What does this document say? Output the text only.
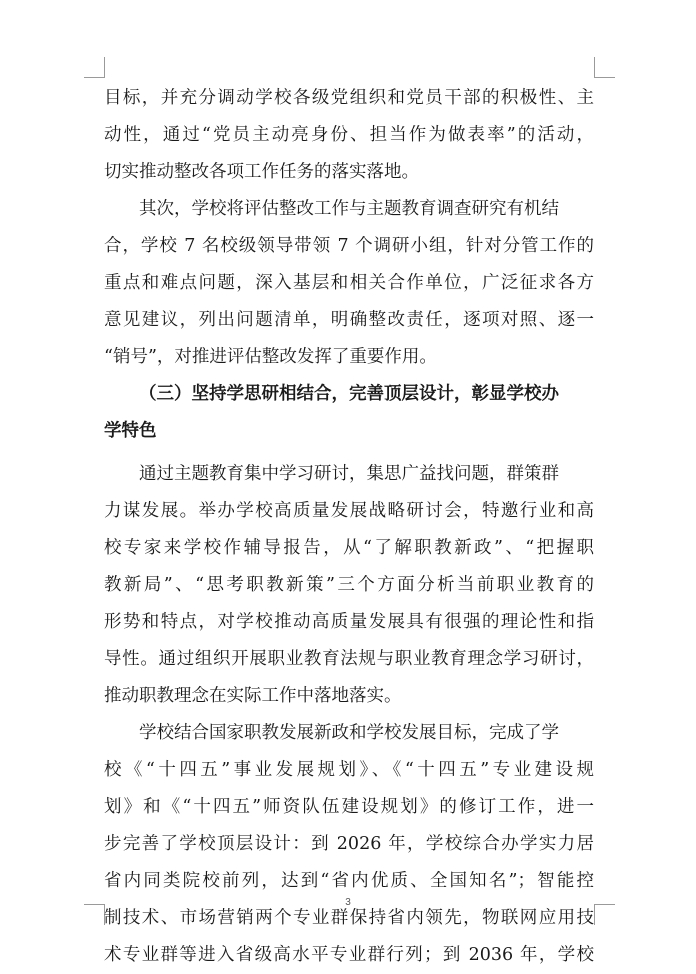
目标，并充分调动学校各级党组织和党员干部的积极性、主
动性，通过“党员主动亮身份、担当作为做表率”的活动，
切实推动整改各项工作任务的落实落地。
其次，学校将评估整改工作与主题教育调查研究有机结
合，学校 7 名校级领导带领 7 个调研小组，针对分管工作的
重点和难点问题，深入基层和相关合作单位，广泛征求各方
意见建议，列出问题清单，明确整改责任，逐项对照、逐一
“销号”，对推进评估整改发挥了重要作用。
（三）坚持学思研相结合，完善顶层设计，彰显学校办
学特色
通过主题教育集中学习研讨，集思广益找问题，群策群
力谋发展。举办学校高质量发展战略研讨会，特邀行业和高
校专家来学校作辅导报告，从“了解职教新政”、“把握职
教新局”、“思考职教新策”三个方面分析当前职业教育的
形势和特点，对学校推动高质量发展具有很强的理论性和指
导性。通过组织开展职业教育法规与职业教育理念学习研讨，
推动职教理念在实际工作中落地落实。
学校结合国家职教发展新政和学校发展目标，完成了学
校《“十四五”事业发展规划》、《“十四五”专业建设规
划》和《“十四五”师资队伍建设规划》的修订工作，进一
步完善了学校顶层设计：到 2026 年，学校综合办学实力居
省内同类院校前列，达到“省内优质、全国知名”；智能控
制技术、市场营销两个专业群保持省内领先，物联网应用技
术专业群等进入省级高水平专业群行列；到 2036 年，学校
3
